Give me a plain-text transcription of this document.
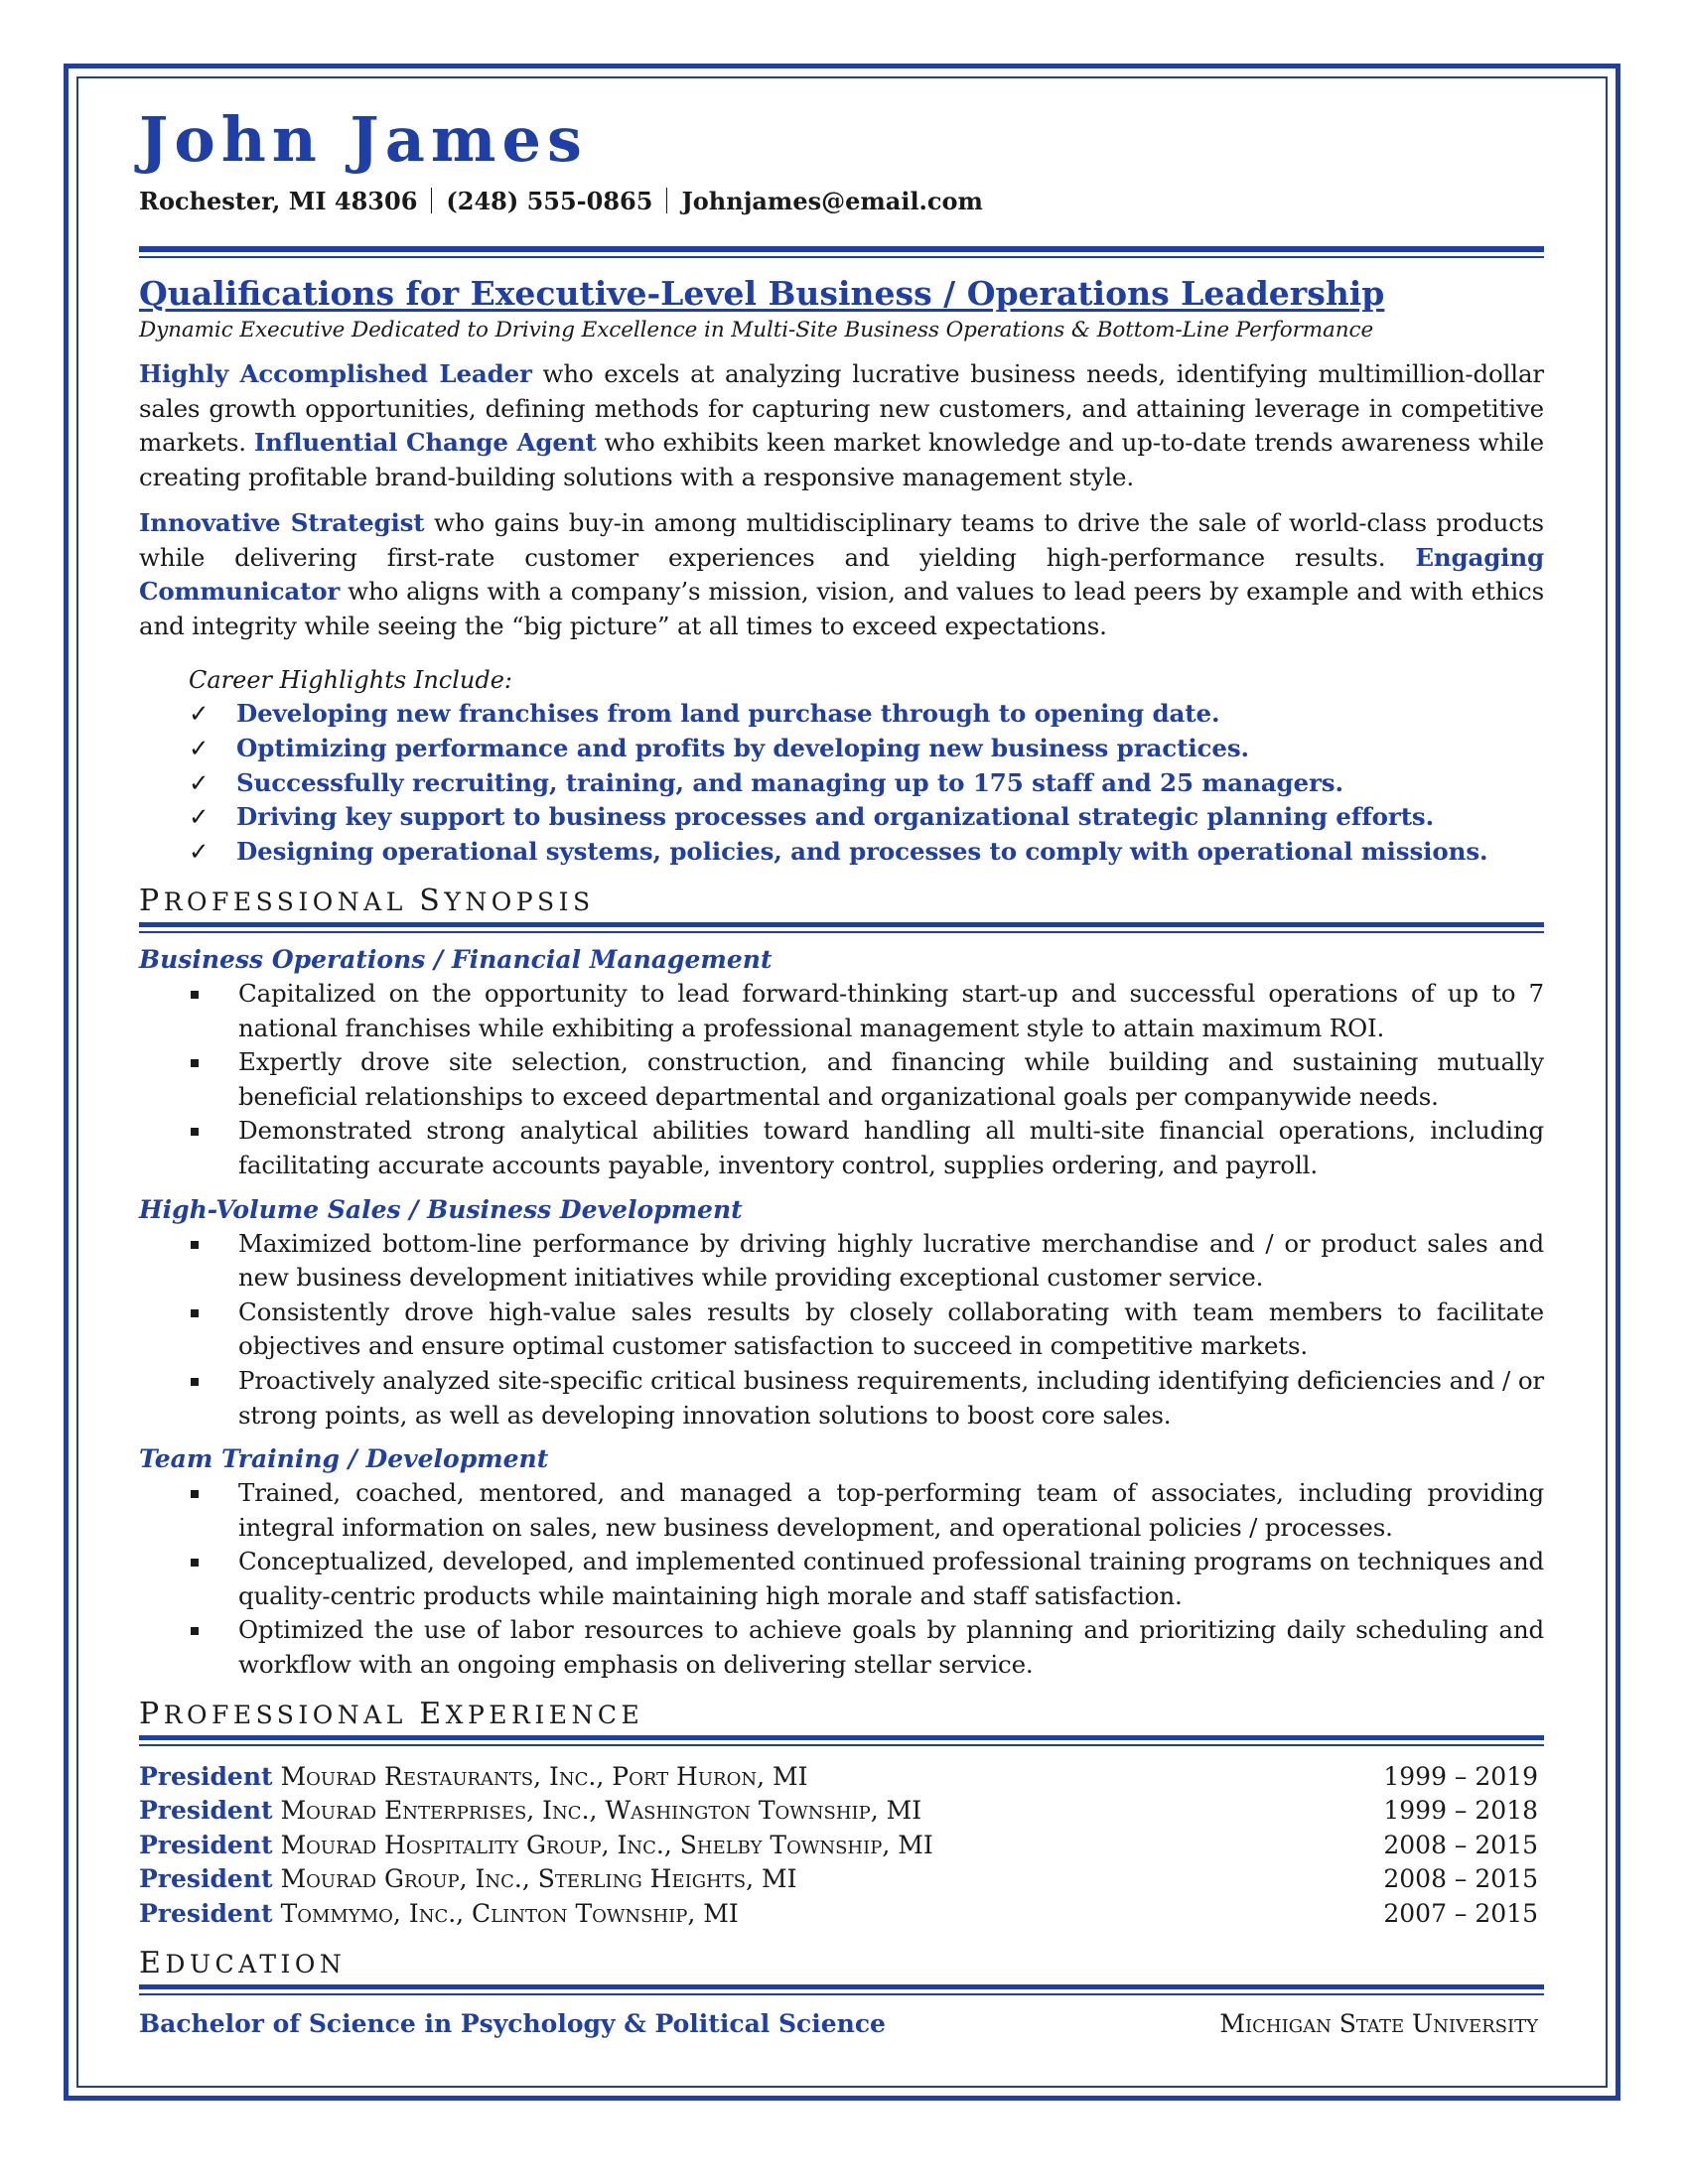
John James
Rochester, MI 48306 (248) 555-0865 Johnjames@email.com
Qualifications for Executive-Level Business / Operations Leadership
Dynamic Executive Dedicated to Driving Excellence in Multi-Site Business Operations & Bottom-Line Performance
Highly Accomplished Leader who excels at analyzing lucrative business needs, identifying multimillion-dollar sales growth opportunities, defining methods for capturing new customers, and attaining leverage in competitive markets. Influential Change Agent who exhibits keen market knowledge and up-to-date trends awareness while creating profitable brand-building solutions with a responsive management style.
Innovative Strategist who gains buy-in among multidisciplinary teams to drive the sale of world-class products while delivering first-rate customer experiences and yielding high-performance results. Engaging Communicator who aligns with a company’s mission, vision, and values to lead peers by example and with ethics and integrity while seeing the “big picture” at all times to exceed expectations.
Career Highlights Include:
✓ Developing new franchises from land purchase through to opening date.
✓ Optimizing performance and profits by developing new business practices.
✓ Successfully recruiting, training, and managing up to 175 staff and 25 managers.
✓ Driving key support to business processes and organizational strategic planning efforts.
✓ Designing operational systems, policies, and processes to comply with operational missions.
PROFESSIONAL SYNOPSIS
Business Operations / Financial Management
Capitalized on the opportunity to lead forward-thinking start-up and successful operations of up to 7 national franchises while exhibiting a professional management style to attain maximum ROI.
Expertly drove site selection, construction, and financing while building and sustaining mutually beneficial relationships to exceed departmental and organizational goals per companywide needs.
Demonstrated strong analytical abilities toward handling all multi-site financial operations, including facilitating accurate accounts payable, inventory control, supplies ordering, and payroll.
High-Volume Sales / Business Development
Maximized bottom-line performance by driving highly lucrative merchandise and / or product sales and new business development initiatives while providing exceptional customer service.
Consistently drove high-value sales results by closely collaborating with team members to facilitate objectives and ensure optimal customer satisfaction to succeed in competitive markets.
Proactively analyzed site-specific critical business requirements, including identifying deficiencies and / or strong points, as well as developing innovation solutions to boost core sales.
Team Training / Development
Trained, coached, mentored, and managed a top-performing team of associates, including providing integral information on sales, new business development, and operational policies / processes.
Conceptualized, developed, and implemented continued professional training programs on techniques and quality-centric products while maintaining high morale and staff satisfaction.
Optimized the use of labor resources to achieve goals by planning and prioritizing daily scheduling and workflow with an ongoing emphasis on delivering stellar service.
PROFESSIONAL EXPERIENCE
President Mourad Restaurants, Inc., Port Huron, MI	1999 – 2019
President Mourad Enterprises, Inc., Washington Township, MI	1999 – 2018
President Mourad Hospitality Group, Inc., Shelby Township, MI	2008 – 2015
President Mourad Group, Inc., Sterling Heights, MI	2008 – 2015
President Tommymo, Inc., Clinton Township, MI	2007 – 2015
EDUCATION
Bachelor of Science in Psychology & Political Science	Michigan State University
